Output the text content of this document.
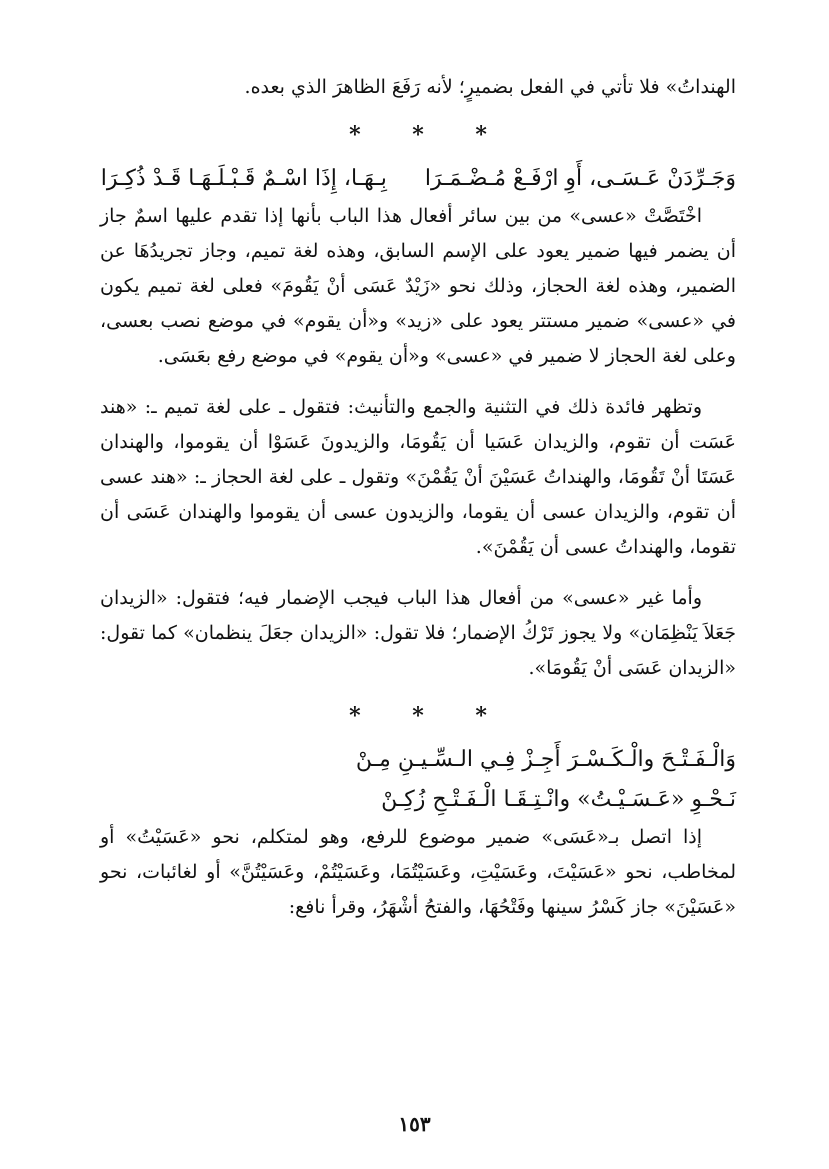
الهنداتُ» فلا تأتي في الفعل بضميرٍ؛ لأنه رَفَعَ الظاهرَ الذي بعده.

* * *
وَجَـرِّدَنْ عَـسَـى، أَوِ ارْفَـعْ مُـضْـمَـرَا
بِـهَـا، إِذَا اسْـمٌ قَـبْـلَـهَـا قَـدْ ذُكِـرَا

اخْتَصَّتْ «عسى» من بين سائر أفعال هذا الباب بأنها إذا تقدم عليها اسمٌ جاز أن يضمر فيها ضمير يعود على الإسم السابق، وهذه لغة تميم، وجاز تجريدُهَا عن الضمير، وهذه لغة الحجاز، وذلك نحو «زَيْدٌ عَسَى أنْ يَقُومَ» فعلى لغة تميم يكون في «عسى» ضمير مستتر يعود على «زيد» و«أن يقوم» في موضع نصب بعسى، وعلى لغة الحجاز لا ضمير في «عسى» و«أن يقوم» في موضع رفع بعَسَى.

وتظهر فائدة ذلك في التثنية والجمع والتأنيث: فتقول ـ على لغة تميم ـ: «هند عَسَت أن تقوم، والزيدان عَسَيا أن يَقُومَا، والزيدونَ عَسَوْا أن يقوموا، والهندان عَسَتَا أنْ تَقُومَا، والهنداتُ عَسَيْنَ أنْ يَقُمْنَ» وتقول ـ على لغة الحجاز ـ: «هند عسى أن تقوم، والزيدان عسى أن يقوما، والزيدون عسى أن يقوموا والهندان عَسَى أن تقوما، والهنداتُ عسى أن يَقُمْنَ».

وأما غير «عسى» من أفعال هذا الباب فيجب الإضمار فيه؛ فتقول: «الزيدان جَعَلاَ يَنْظِمَان» ولا يجوز تَرْكُ الإضمار؛ فلا تقول: «الزيدان جعَلَ ينظمان» كما تقول: «الزيدان عَسَى أنْ يَقُومَا».

* * *
وَالْـفَـتْـحَ والْـكَـسْـرَ أَجِـزْ فِـي الـسِّـيـنِ مِـنْ
نَـحْـوِ «عَـسَـيْـتُ» وانْـتِـقَـا الْـفَـتْـحِ زُكِـنْ

إذا اتصل بـ«عَسَى» ضمير موضوع للرفع، وهو لمتكلم، نحو «عَسَيْتُ» أو لمخاطب، نحو «عَسَيْتَ، وعَسَيْتِ، وعَسَيْتُمَا، وعَسَيْتُمْ، وعَسَيْتُنَّ» أو لغائبات، نحو «عَسَيْنَ» جاز كَسْرُ سينها وفَتْحُهَا، والفتحُ أشْهَرُ، وقرأ نافع:

١٥٣
